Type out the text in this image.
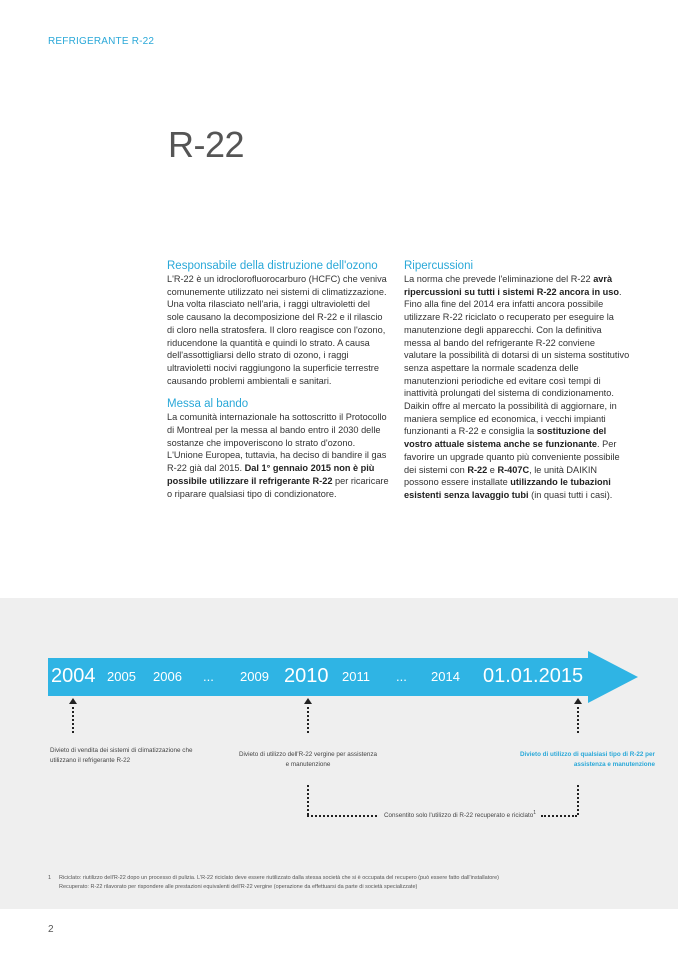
REFRIGERANTE R-22
R-22
Responsabile della distruzione dell'ozono

L'R-22 è un idroclorofluorocarburo (HCFC) che veniva comunemente utilizzato nei sistemi di climatizzazione. Una volta rilasciato nell'aria, i raggi ultravioletti del sole causano la decomposizione del R-22 e il rilascio di cloro nella stratosfera. Il cloro reagisce con l'ozono, riducendone la quantità e quindi lo strato. A causa dell'assottigliarsi dello strato di ozono, i raggi ultravioletti nocivi raggiungono la superficie terrestre causando problemi ambientali e sanitari.

Messa al bando

La comunità internazionale ha sottoscritto il Protocollo di Montreal per la messa al bando entro il 2030 delle sostanze che impoveriscono lo strato d'ozono. L'Unione Europea, tuttavia, ha deciso di bandire il gas R-22 già dal 2015. Dal 1° gennaio 2015 non è più possibile utilizzare il refrigerante R-22 per ricaricare o riparare qualsiasi tipo di condizionatore.

Ripercussioni

La norma che prevede l'eliminazione del R-22 avrà ripercussioni su tutti i sistemi R-22 ancora in uso. Fino alla fine del 2014 era infatti ancora possibile utilizzare R-22 riciclato o recuperato per eseguire la manutenzione degli apparecchi. Con la definitiva messa al bando del refrigerante R-22 conviene valutare la possibilità di dotarsi di un sistema sostitutivo senza aspettare la normale scadenza delle manutenzioni periodiche ed evitare così tempi di inattività prolungati del sistema di condizionamento. Daikin offre al mercato la possibilità di aggiornare, in maniera semplice ed economica, i vecchi impianti funzionanti a R-22 e consiglia la sostituzione del vostro attuale sistema anche se funzionante. Per favorire un upgrade quanto più conveniente possibile dei sistemi con R-22 e R-407C, le unità DAIKIN possono essere installate utilizzando le tubazioni esistenti senza lavaggio tubi (in quasi tutti i casi).

2004 2005 2006 ... 2009 2010 2011 ... 2014 01.01.2015
Divieto di vendita dei sistemi di climatizzazione che utilizzano il refrigerante R-22
Divieto di utilizzo dell'R-22 vergine per assistenza e manutenzione
Divieto di utilizzo di qualsiasi tipo di R-22 per assistenza e manutenzione
Consentito solo l'utilizzo di R-22 recuperato e riciclato$^1$
1 Riciclato: riutilizzo dell'R-22 dopo un processo di pulizia. L'R-22 riciclato deve essere riutilizzato dalla stessa società che si è occupata del recupero (può essere fatto dall'installatore)
Recuperato: R-22 rilavorato per rispondere alle prestazioni equivalenti dell'R-22 vergine (operazione da effettuarsi da parte di società specializzate)
2
